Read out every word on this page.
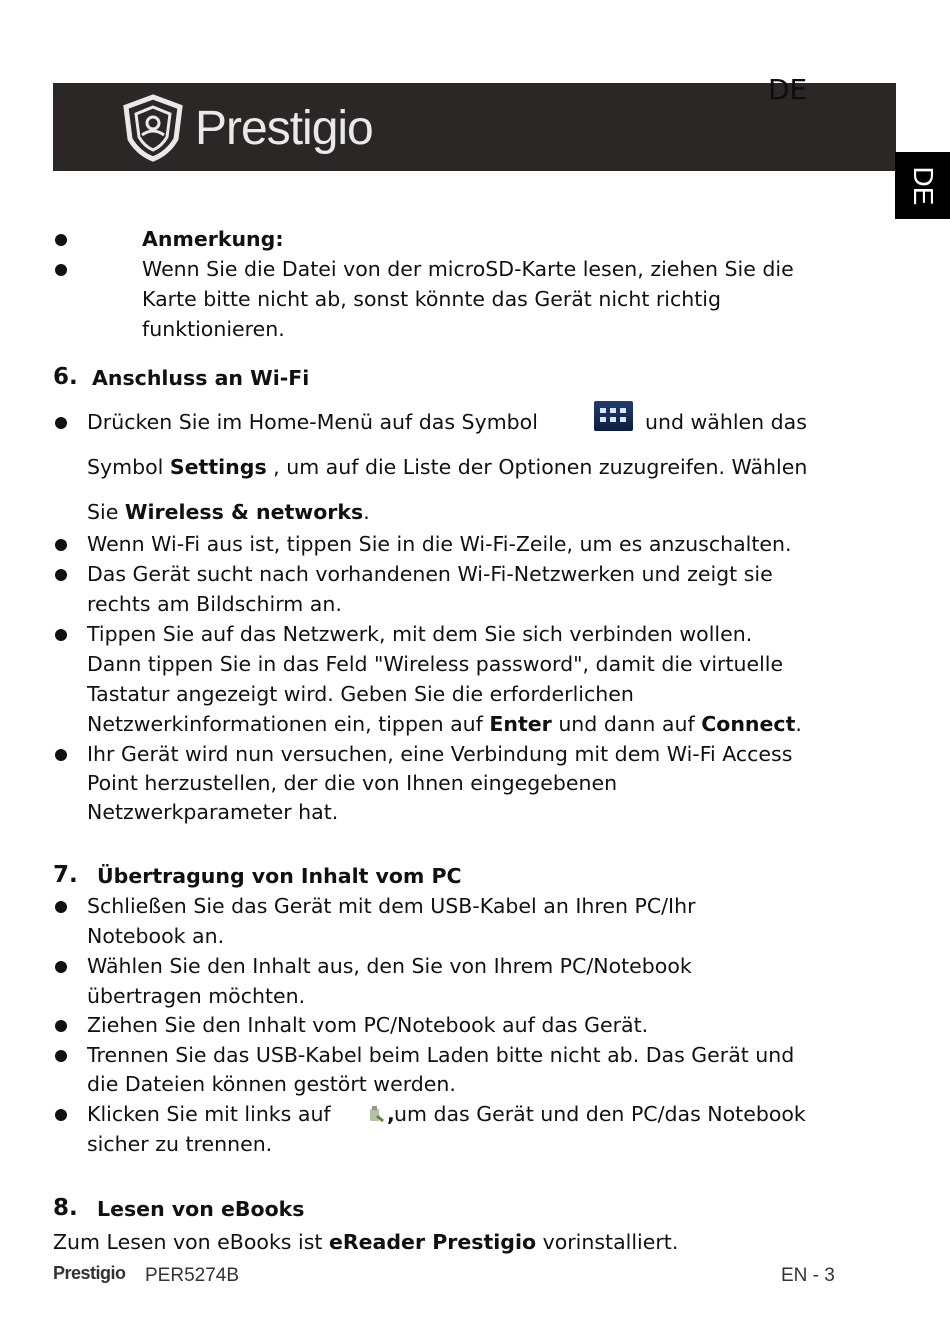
DE
Prestigio
DE
Anmerkung:
Wenn Sie die Datei von der microSD-Karte lesen, ziehen Sie die
Karte bitte nicht ab, sonst könnte das Gerät nicht richtig
funktionieren.
6. Anschluss an Wi-Fi
Drücken Sie im Home-Menü auf das Symbol	und wählen das
Symbol Settings , um auf die Liste der Optionen zuzugreifen. Wählen
Sie Wireless & networks.
Wenn Wi-Fi aus ist, tippen Sie in die Wi-Fi-Zeile, um es anzuschalten.
Das Gerät sucht nach vorhandenen Wi-Fi-Netzwerken und zeigt sie
rechts am Bildschirm an.
Tippen Sie auf das Netzwerk, mit dem Sie sich verbinden wollen.
Dann tippen Sie in das Feld "Wireless password", damit die virtuelle
Tastatur angezeigt wird. Geben Sie die erforderlichen
Netzwerkinformationen ein, tippen auf Enter und dann auf Connect.
Ihr Gerät wird nun versuchen, eine Verbindung mit dem Wi-Fi Access
Point herzustellen, der die von Ihnen eingegebenen
Netzwerkparameter hat.
7. Übertragung von Inhalt vom PC
Schließen Sie das Gerät mit dem USB-Kabel an Ihren PC/Ihr
Notebook an.
Wählen Sie den Inhalt aus, den Sie von Ihrem PC/Notebook
übertragen möchten.
Ziehen Sie den Inhalt vom PC/Notebook auf das Gerät.
Trennen Sie das USB-Kabel beim Laden bitte nicht ab. Das Gerät und
die Dateien können gestört werden.
Klicken Sie mit links auf	, um das Gerät und den PC/das Notebook
sicher zu trennen.
8. Lesen von eBooks
Zum Lesen von eBooks ist eReader Prestigio vorinstalliert.
Prestigio PER5274B	EN - 3
